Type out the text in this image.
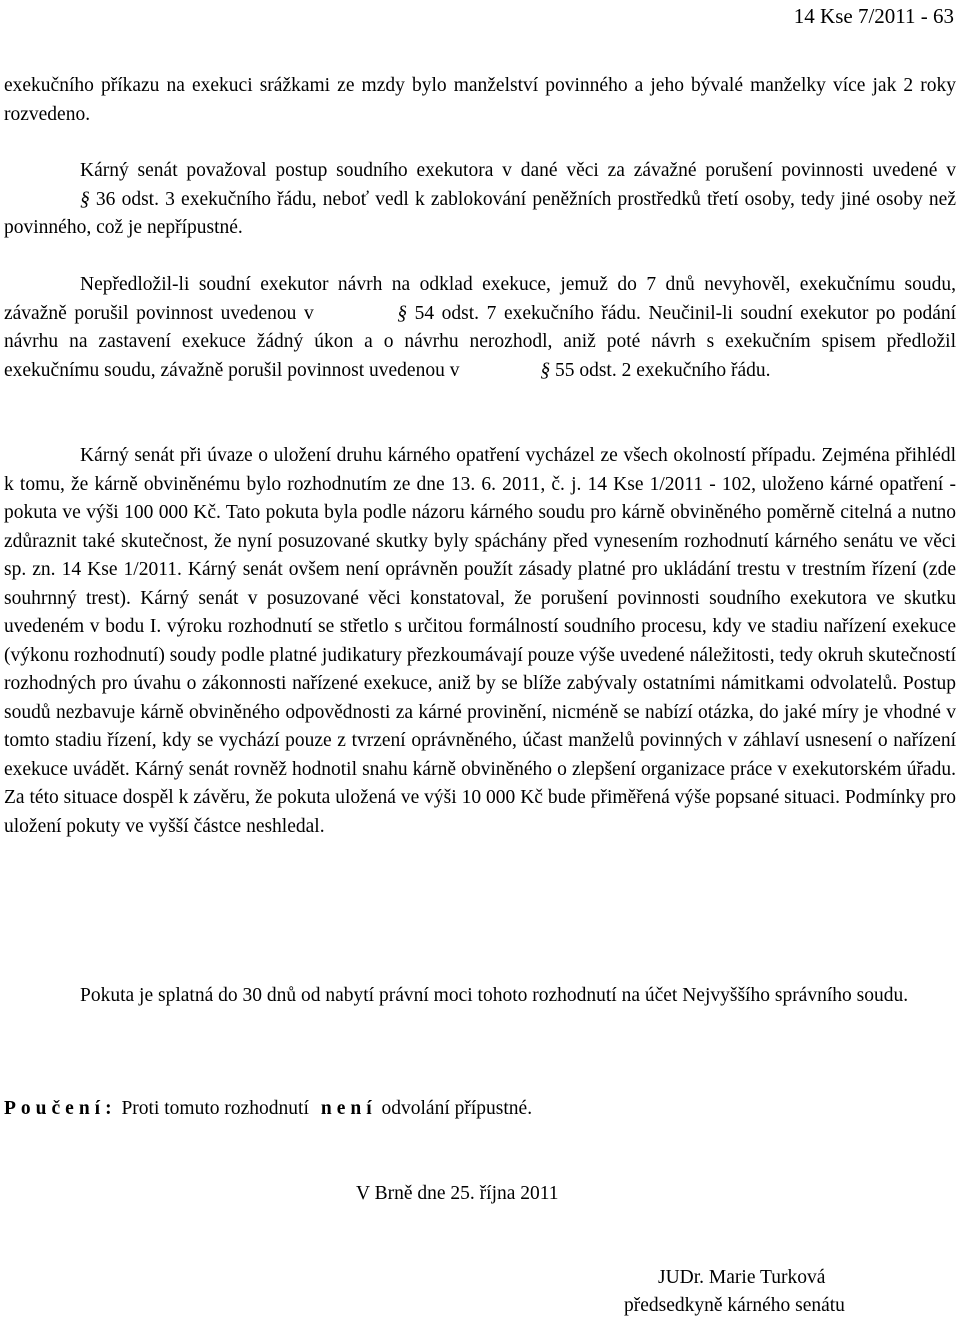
14 Kse 7/2011 - 63

exekučního příkazu na exekuci srážkami ze mzdy bylo manželství povinného a jeho bývalé manželky více jak 2 roky rozvedeno.

Kárný senát považoval postup soudního exekutora v dané věci za závažné porušení povinnosti uvedené v § 36 odst. 3 exekučního řádu, neboť vedl k zablokování peněžních prostředků třetí osoby, tedy jiné osoby než povinného, což je nepřípustné.

Nepředložil-li soudní exekutor návrh na odklad exekuce, jemuž do 7 dnů nevyhověl, exekučnímu soudu, závažně porušil povinnost uvedenou v	§ 54 odst. 7 exekučního řádu. Neučinil-li soudní exekutor po podání návrhu na zastavení exekuce žádný úkon a o návrhu nerozhodl, aniž poté návrh s exekučním spisem předložil exekučnímu soudu, závažně porušil povinnost uvedenou v	§ 55 odst. 2 exekučního řádu.

Kárný senát při úvaze o uložení druhu kárného opatření vycházel ze všech okolností případu. Zejména přihlédl k tomu, že kárně obviněnému bylo rozhodnutím ze dne 13. 6. 2011, č. j. 14 Kse 1/2011 - 102, uloženo kárné opatření - pokuta ve výši 100 000 Kč. Tato pokuta byla podle názoru kárného soudu pro kárně obviněného poměrně citelná a nutno zdůraznit také skutečnost, že nyní posuzované skutky byly spáchány před vynesením rozhodnutí kárného senátu ve věci sp. zn. 14 Kse 1/2011. Kárný senát ovšem není oprávněn použít zásady platné pro ukládání trestu v trestním řízení (zde souhrnný trest). Kárný senát v posuzované věci konstatoval, že porušení povinnosti soudního exekutora ve skutku uvedeném v bodu I. výroku rozhodnutí se střetlo s určitou formálností soudního procesu, kdy ve stadiu nařízení exekuce (výkonu rozhodnutí) soudy podle platné judikatury přezkoumávají pouze výše uvedené náležitosti, tedy okruh skutečností rozhodných pro úvahu o zákonnosti nařízené exekuce, aniž by se blíže zabývaly ostatními námitkami odvolatelů. Postup soudů nezbavuje kárně obviněného odpovědnosti za kárné provinění, nicméně se nabízí otázka, do jaké míry je vhodné v tomto stadiu řízení, kdy se vychází pouze z tvrzení oprávněného, účast manželů povinných v záhlaví usnesení o nařízení exekuce uvádět. Kárný senát rovněž hodnotil snahu kárně obviněného o zlepšení organizace práce v exekutorském úřadu. Za této situace dospěl k závěru, že pokuta uložená ve výši 10 000 Kč bude přiměřená výše popsané situaci. Podmínky pro uložení pokuty ve vyšší částce neshledal.

Pokuta je splatná do 30 dnů od nabytí právní moci tohoto rozhodnutí na účet Nejvyššího správního soudu.

Poučení: Proti tomuto rozhodnutí není odvolání přípustné.
V Brně dne 25. října 2011
JUDr. Marie Turková
předsedkyně kárného senátu
